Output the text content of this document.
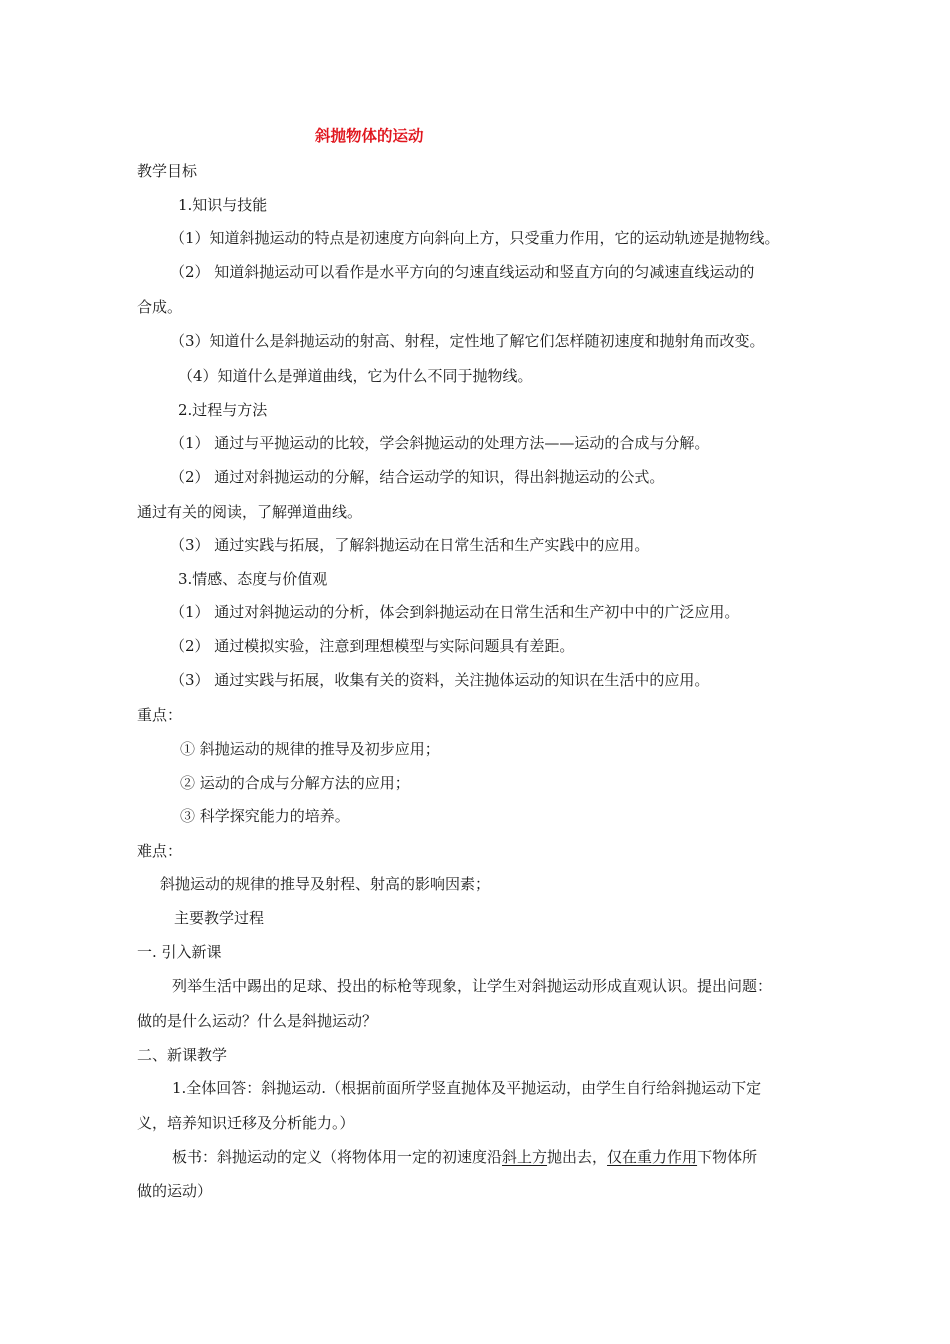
斜抛物体的运动
教学目标
1.知识与技能
（1）知道斜抛运动的特点是初速度方向斜向上方，只受重力作用，它的运动轨迹是抛物线。
（2） 知道斜抛运动可以看作是水平方向的匀速直线运动和竖直方向的匀减速直线运动的
合成。
（3）知道什么是斜抛运动的射高、射程，定性地了解它们怎样随初速度和抛射角而改变。
（4）知道什么是弹道曲线，它为什么不同于抛物线。
2.过程与方法
（1） 通过与平抛运动的比较，学会斜抛运动的处理方法——运动的合成与分解。
（2） 通过对斜抛运动的分解，结合运动学的知识，得出斜抛运动的公式。
通过有关的阅读，了解弹道曲线。
（3） 通过实践与拓展，了解斜抛运动在日常生活和生产实践中的应用。
3.情感、态度与价值观
（1） 通过对斜抛运动的分析，体会到斜抛运动在日常生活和生产初中中的广泛应用。
（2） 通过模拟实验，注意到理想模型与实际问题具有差距。
（3） 通过实践与拓展，收集有关的资料，关注抛体运动的知识在生活中的应用。
重点：
① 斜抛运动的规律的推导及初步应用；
② 运动的合成与分解方法的应用；
③ 科学探究能力的培养。
难点：
斜抛运动的规律的推导及射程、射高的影响因素；
主要教学过程
一. 引入新课
列举生活中踢出的足球、投出的标枪等现象，让学生对斜抛运动形成直观认识。提出问题：
做的是什么运动？什么是斜抛运动？
二、新课教学
1.全体回答：斜抛运动.（根据前面所学竖直抛体及平抛运动，由学生自行给斜抛运动下定
义，培养知识迁移及分析能力。）
板书：斜抛运动的定义（将物体用一定的初速度沿斜上方抛出去，仅在重力作用下物体所
做的运动）
